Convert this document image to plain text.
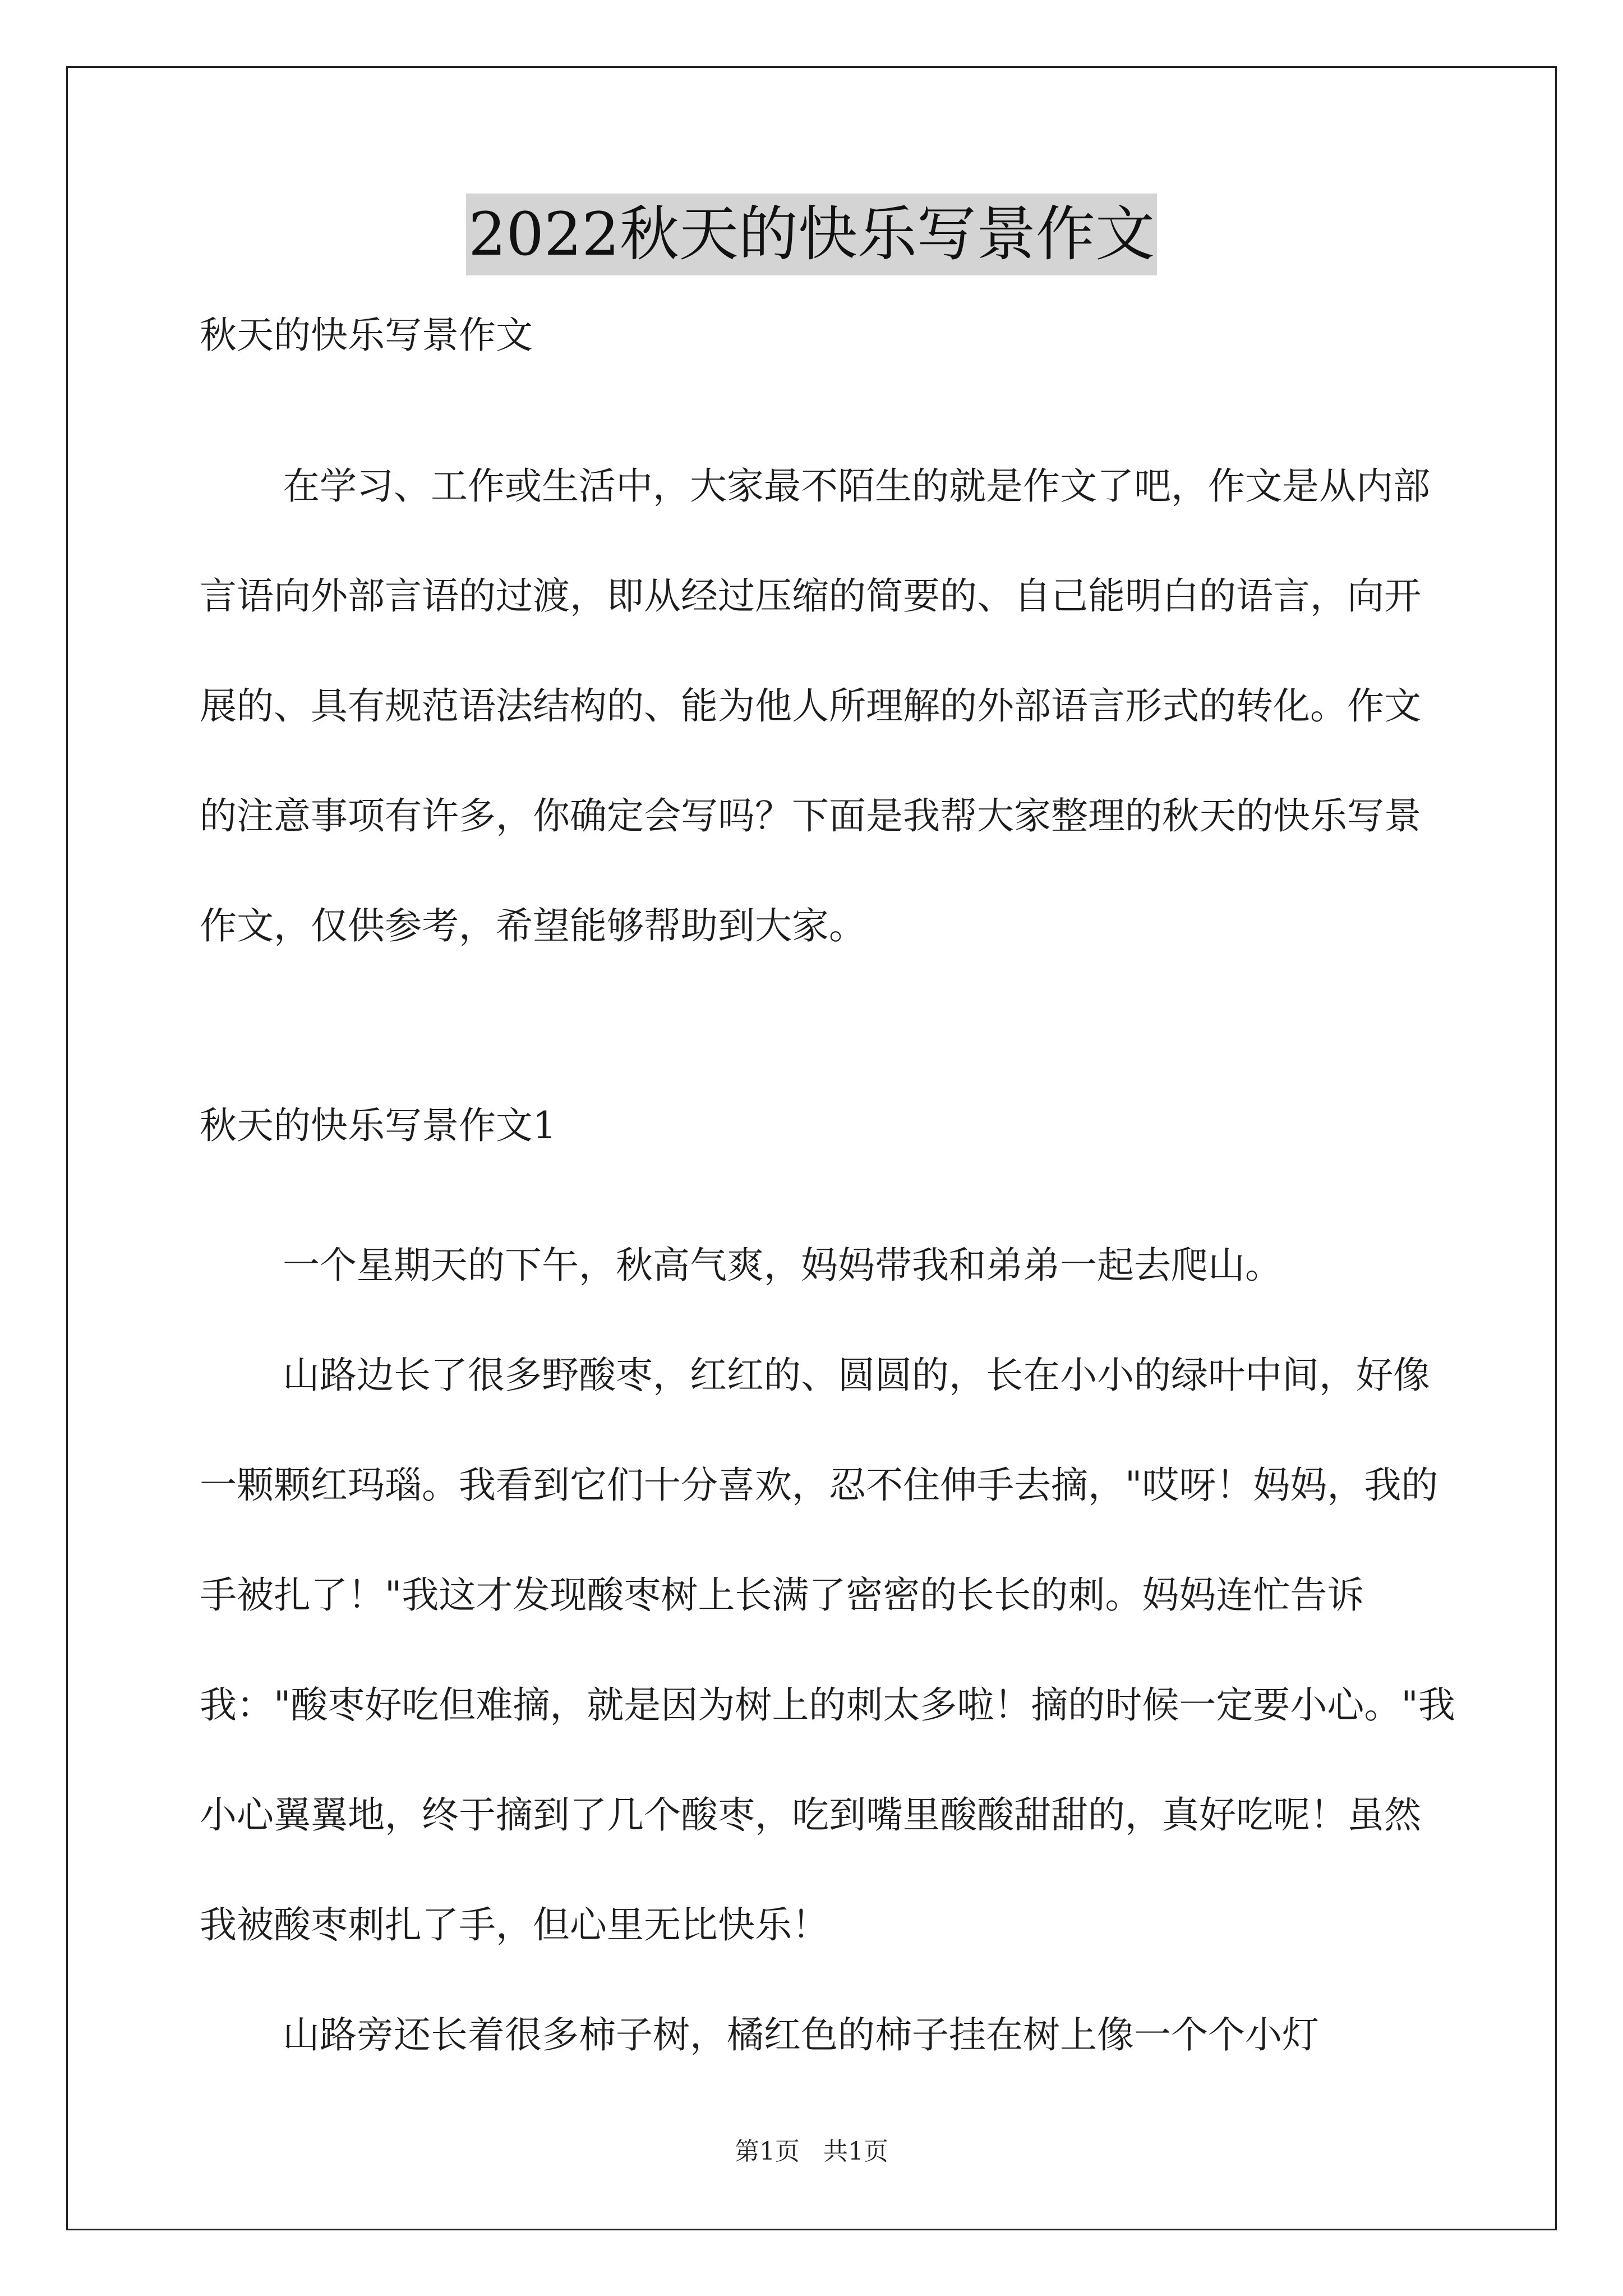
2022秋天的快乐写景作文

秋天的快乐写景作文

在学习、工作或生活中，大家最不陌生的就是作文了吧，作文是从内部言语向外部言语的过渡，即从经过压缩的简要的、自己能明白的语言，向开展的、具有规范语法结构的、能为他人所理解的外部语言形式的转化。作文的注意事项有许多，你确定会写吗？下面是我帮大家整理的秋天的快乐写景作文，仅供参考，希望能够帮助到大家。

秋天的快乐写景作文1

一个星期天的下午，秋高气爽，妈妈带我和弟弟一起去爬山。

山路边长了很多野酸枣，红红的、圆圆的，长在小小的绿叶中间，好像一颗颗红玛瑙。我看到它们十分喜欢，忍不住伸手去摘，"哎呀！妈妈，我的手被扎了！"我这才发现酸枣树上长满了密密的长长的刺。妈妈连忙告诉我："酸枣好吃但难摘，就是因为树上的刺太多啦！摘的时候一定要小心。"我小心翼翼地，终于摘到了几个酸枣，吃到嘴里酸酸甜甜的，真好吃呢！虽然我被酸枣刺扎了手，但心里无比快乐！

山路旁还长着很多柿子树，橘红色的柿子挂在树上像一个个小灯

第1页   共1页
